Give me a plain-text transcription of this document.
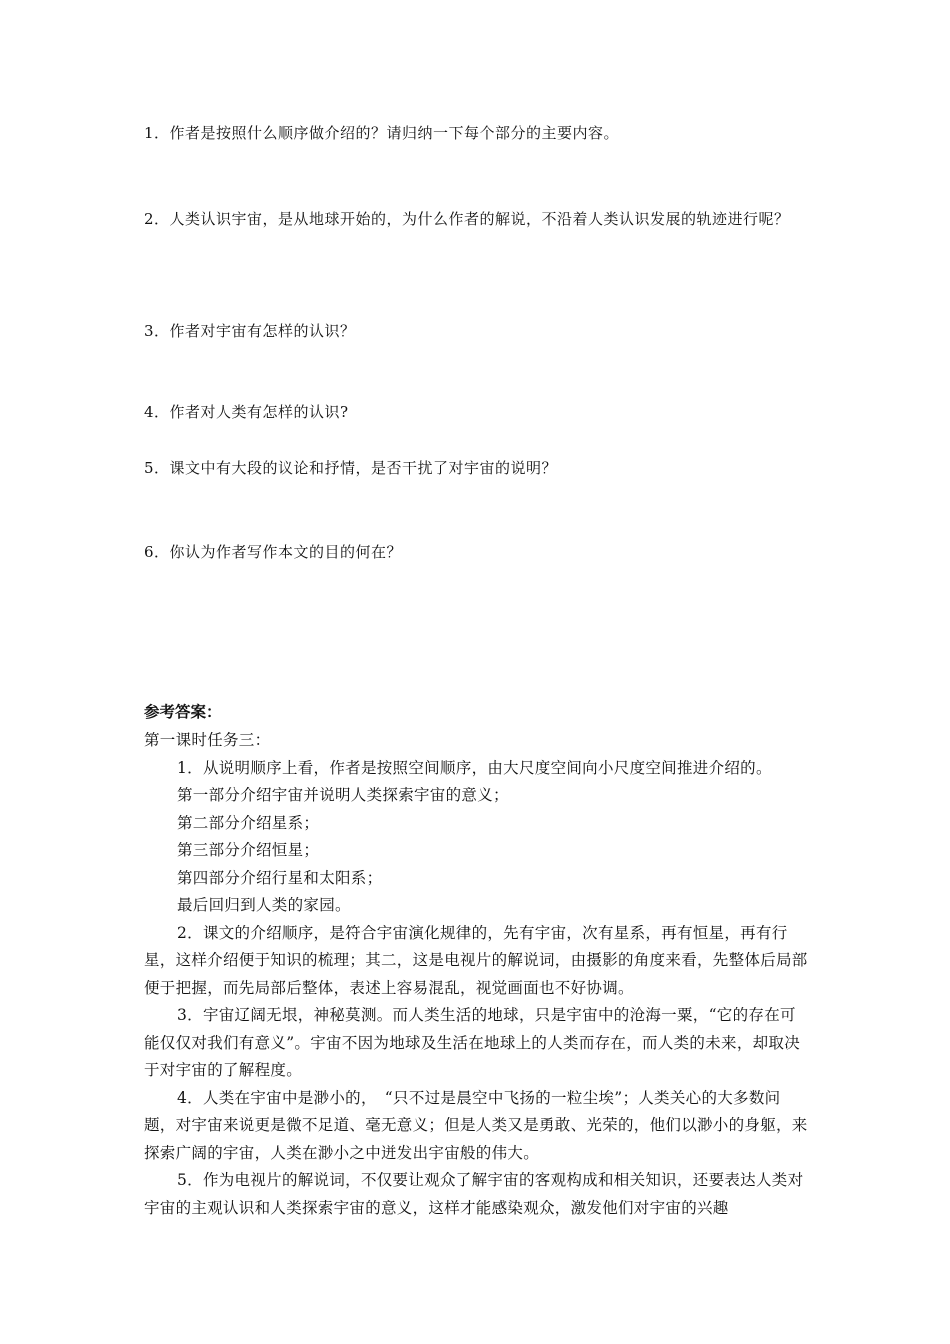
1．作者是按照什么顺序做介绍的？请归纳一下每个部分的主要内容。
2．人类认识宇宙，是从地球开始的，为什么作者的解说，不沿着人类认识发展的轨迹进行呢？
3．作者对宇宙有怎样的认识？
4．作者对人类有怎样的认识?
5．课文中有大段的议论和抒情，是否干扰了对宇宙的说明？
6．你认为作者写作本文的目的何在？
参考答案：

第一课时任务三：

1．从说明顺序上看，作者是按照空间顺序，由大尺度空间向小尺度空间推进介绍的。

第一部分介绍宇宙并说明人类探索宇宙的意义；

第二部分介绍星系；

第三部分介绍恒星；

第四部分介绍行星和太阳系；

最后回归到人类的家园。

2．课文的介绍顺序，是符合宇宙演化规律的，先有宇宙，次有星系，再有恒星，再有行星，这样介绍便于知识的梳理；其二，这是电视片的解说词，由摄影的角度来看，先整体后局部便于把握，而先局部后整体，表述上容易混乱，视觉画面也不好协调。

3．宇宙辽阔无垠，神秘莫测。而人类生活的地球，只是宇宙中的沧海一粟，“它的存在可能仅仅对我们有意义”。宇宙不因为地球及生活在地球上的人类而存在，而人类的未来，却取决于对宇宙的了解程度。

4．人类在宇宙中是渺小的，　“只不过是晨空中飞扬的一粒尘埃”；人类关心的大多数问题，对宇宙来说更是微不足道、毫无意义；但是人类又是勇敢、光荣的，他们以渺小的身躯，来探索广阔的宇宙，人类在渺小之中迸发出宇宙般的伟大。

5．作为电视片的解说词，不仅要让观众了解宇宙的客观构成和相关知识，还要表达人类对宇宙的主观认识和人类探索宇宙的意义，这样才能感染观众，激发他们对宇宙的兴趣
